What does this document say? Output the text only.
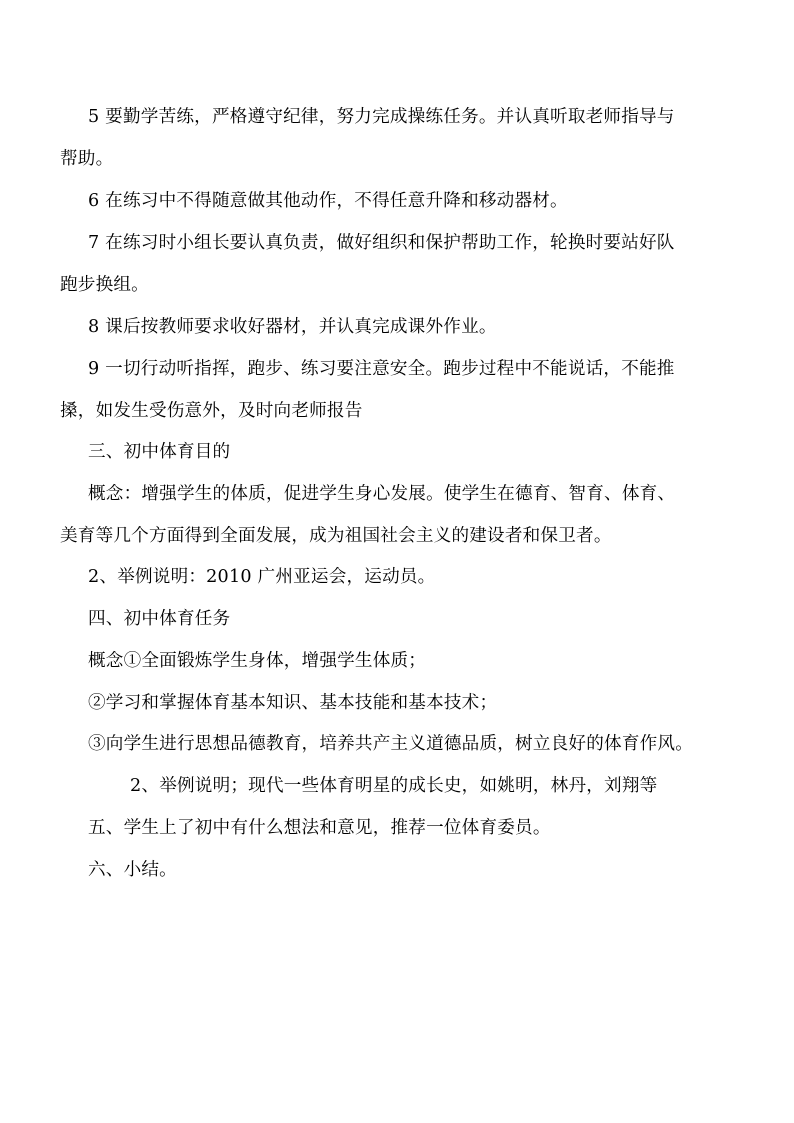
5 要勤学苦练，严格遵守纪律，努力完成操练任务。并认真听取老师指导与
帮助。
6 在练习中不得随意做其他动作，不得任意升降和移动器材。
7 在练习时小组长要认真负责，做好组织和保护帮助工作，轮换时要站好队
跑步换组。
8 课后按教师要求收好器材，并认真完成课外作业。
9 一切行动听指挥，跑步、练习要注意安全。跑步过程中不能说话，不能推
搡，如发生受伤意外，及时向老师报告
三、初中体育目的
概念：增强学生的体质，促进学生身心发展。使学生在德育、智育、体育、
美育等几个方面得到全面发展，成为祖国社会主义的建设者和保卫者。
2、举例说明：2010 广州亚运会，运动员。
四、初中体育任务
概念①全面锻炼学生身体，增强学生体质；
②学习和掌握体育基本知识、基本技能和基本技术；
③向学生进行思想品德教育，培养共产主义道德品质，树立良好的体育作风。
2、举例说明；现代一些体育明星的成长史，如姚明，林丹，刘翔等
五、学生上了初中有什么想法和意见，推荐一位体育委员。
六、小结。
